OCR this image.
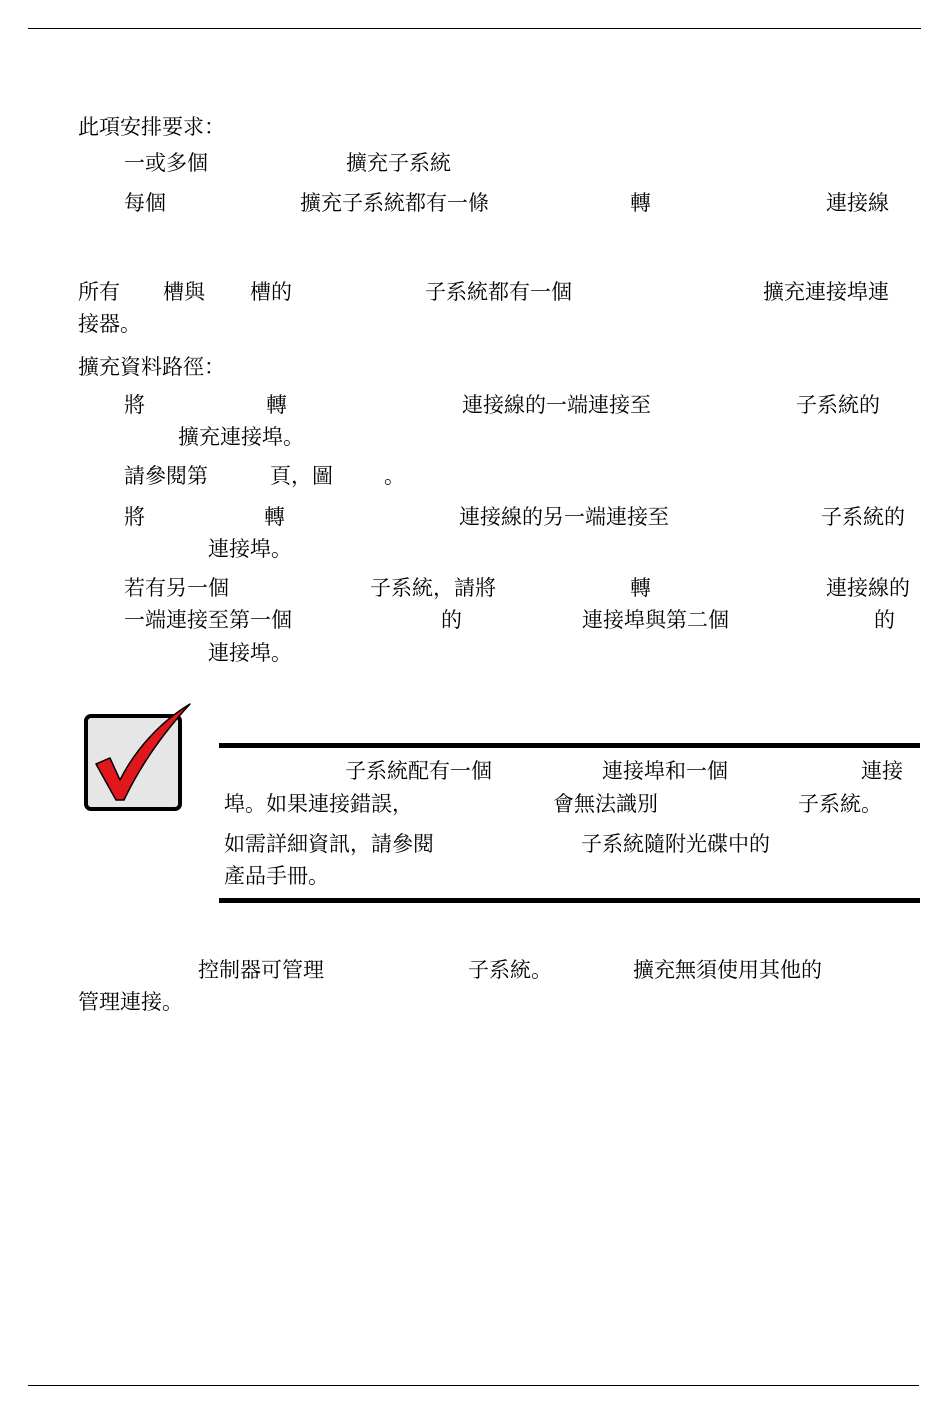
此項安排要求：
一或多個	擴充子系統
每個	擴充子系統都有一條	轉	連接線
所有 槽與 槽的	子系統都有一個	擴充連接埠連
接器。
擴充資料路徑：
將	轉	連接線的一端連接至	子系統的
擴充連接埠。
請參閱第	頁，圖 。
將	轉	連接線的另一端連接至	子系統的
連接埠。
若有另一個	子系統，請將	轉	連接線的
一端連接至第一個	的	連接埠與第二個	的
連接埠。
子系統配有一個	連接埠和一個	連接
埠。如果連接錯誤，	會無法識別	子系統。
如需詳細資訊，請參閱	子系統隨附光碟中的
產品手冊。
控制器可管理	子系統。	擴充無須使用其他的
管理連接。
